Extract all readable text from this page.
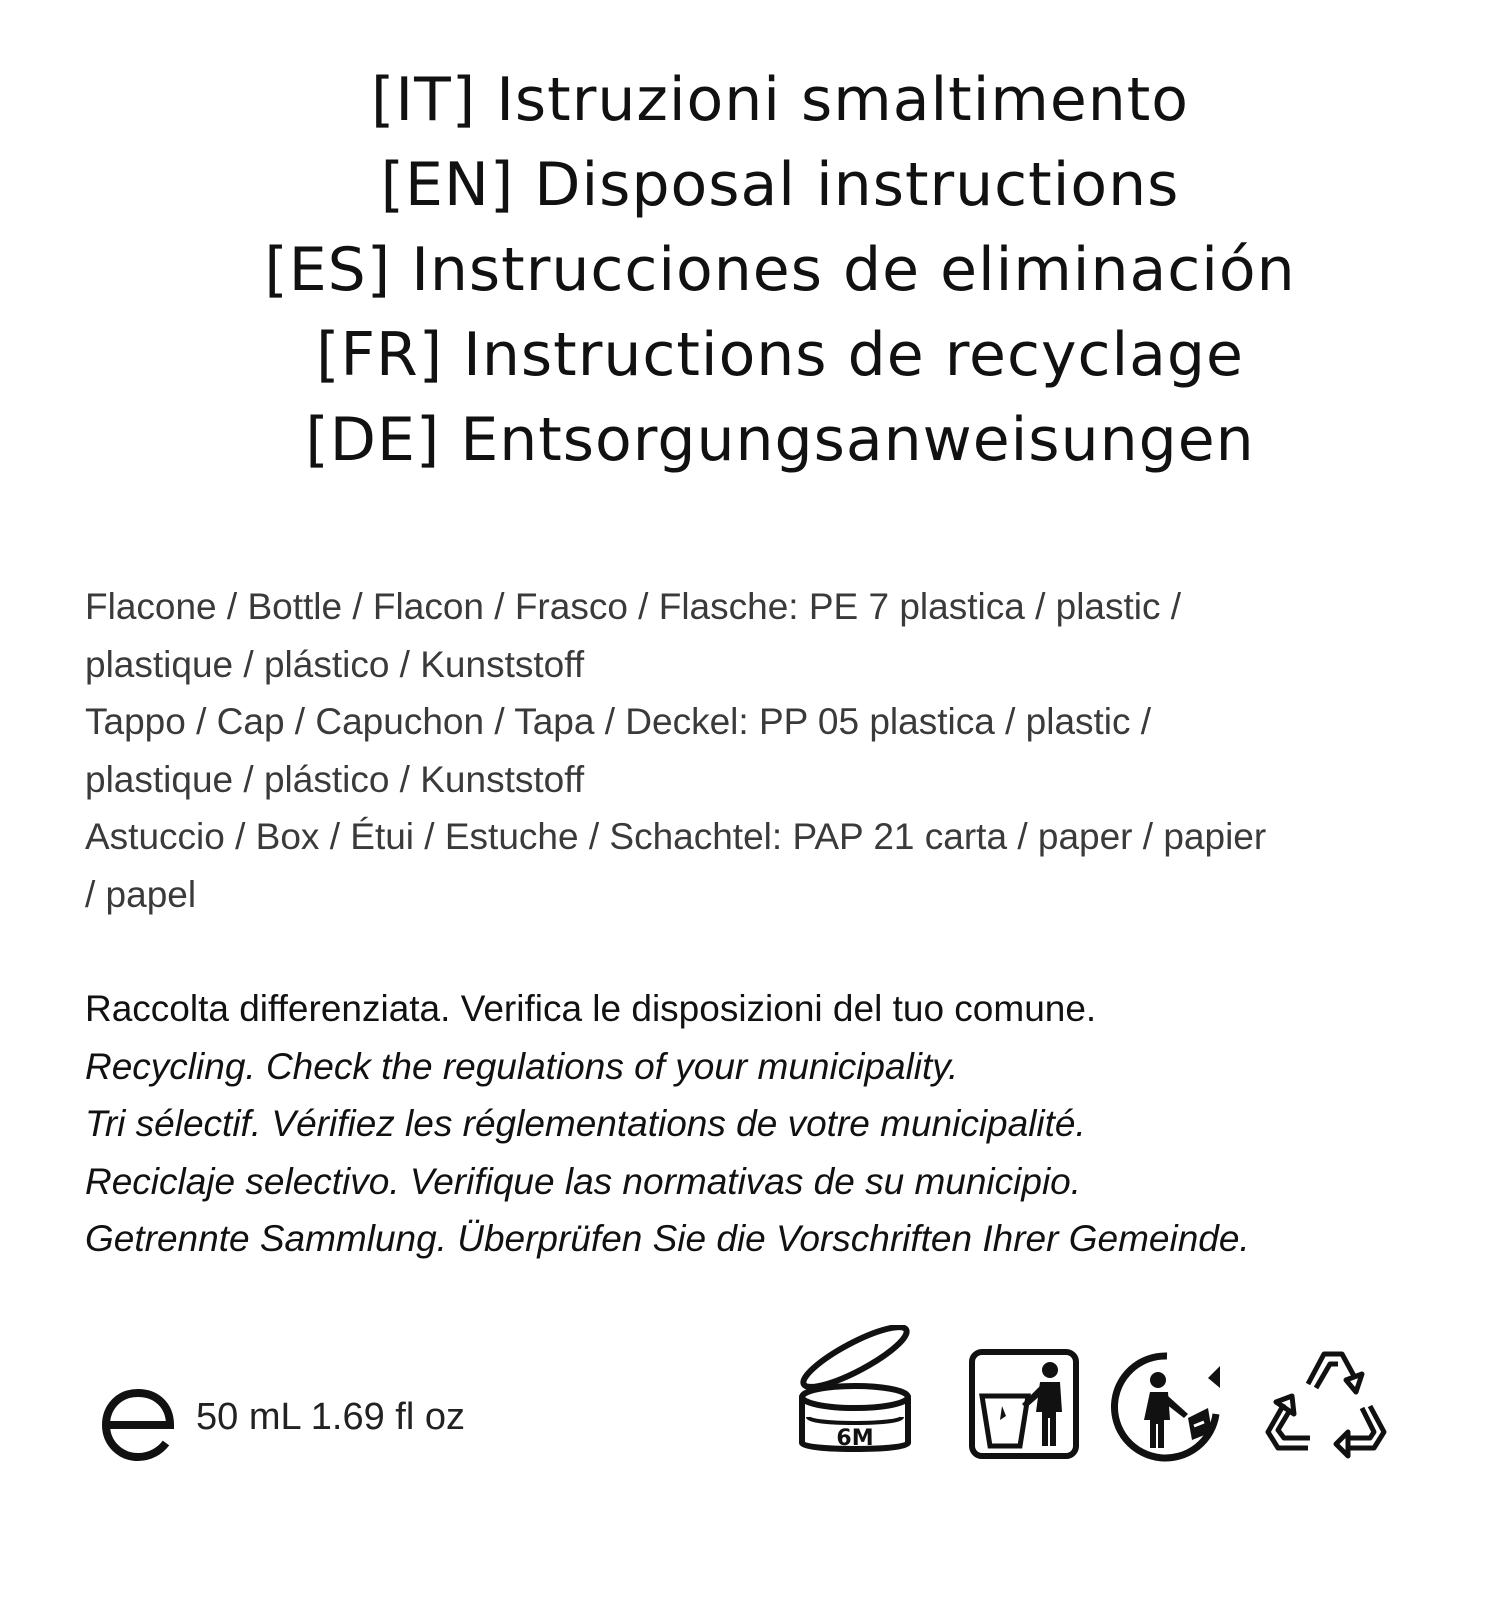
[IT] Istruzioni smaltimento
[EN] Disposal instructions
[ES] Instrucciones de eliminación
[FR] Instructions de recyclage
[DE] Entsorgungsanweisungen
Flacone / Bottle / Flacon / Frasco / Flasche: PE 7 plastica / plastic /
plastique / plástico / Kunststoff
Tappo / Cap / Capuchon / Tapa / Deckel: PP 05 plastica / plastic /
plastique / plástico / Kunststoff
Astuccio / Box / Étui / Estuche / Schachtel: PAP 21 carta / paper / papier
/ papel
Raccolta differenziata. Verifica le disposizioni del tuo comune.
Recycling. Check the regulations of your municipality.
Tri sélectif. Vérifiez les réglementations de votre municipalité.
Reciclaje selectivo. Verifique las normativas de su municipio.
Getrennte Sammlung. Überprüfen Sie die Vorschriften Ihrer Gemeinde.
50 mL 1.69 fl oz
6M
